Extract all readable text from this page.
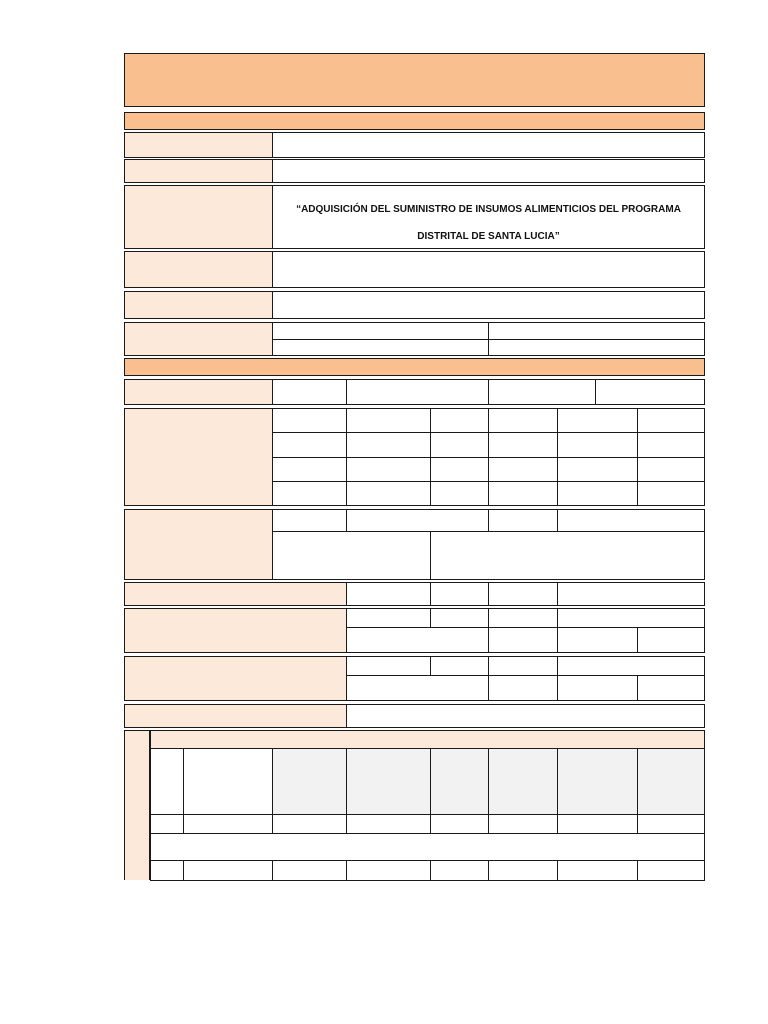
“ADQUISICIÓN DEL SUMINISTRO DE INSUMOS ALIMENTICIOS DEL PROGRAMA
DISTRITAL DE SANTA LUCIA”
